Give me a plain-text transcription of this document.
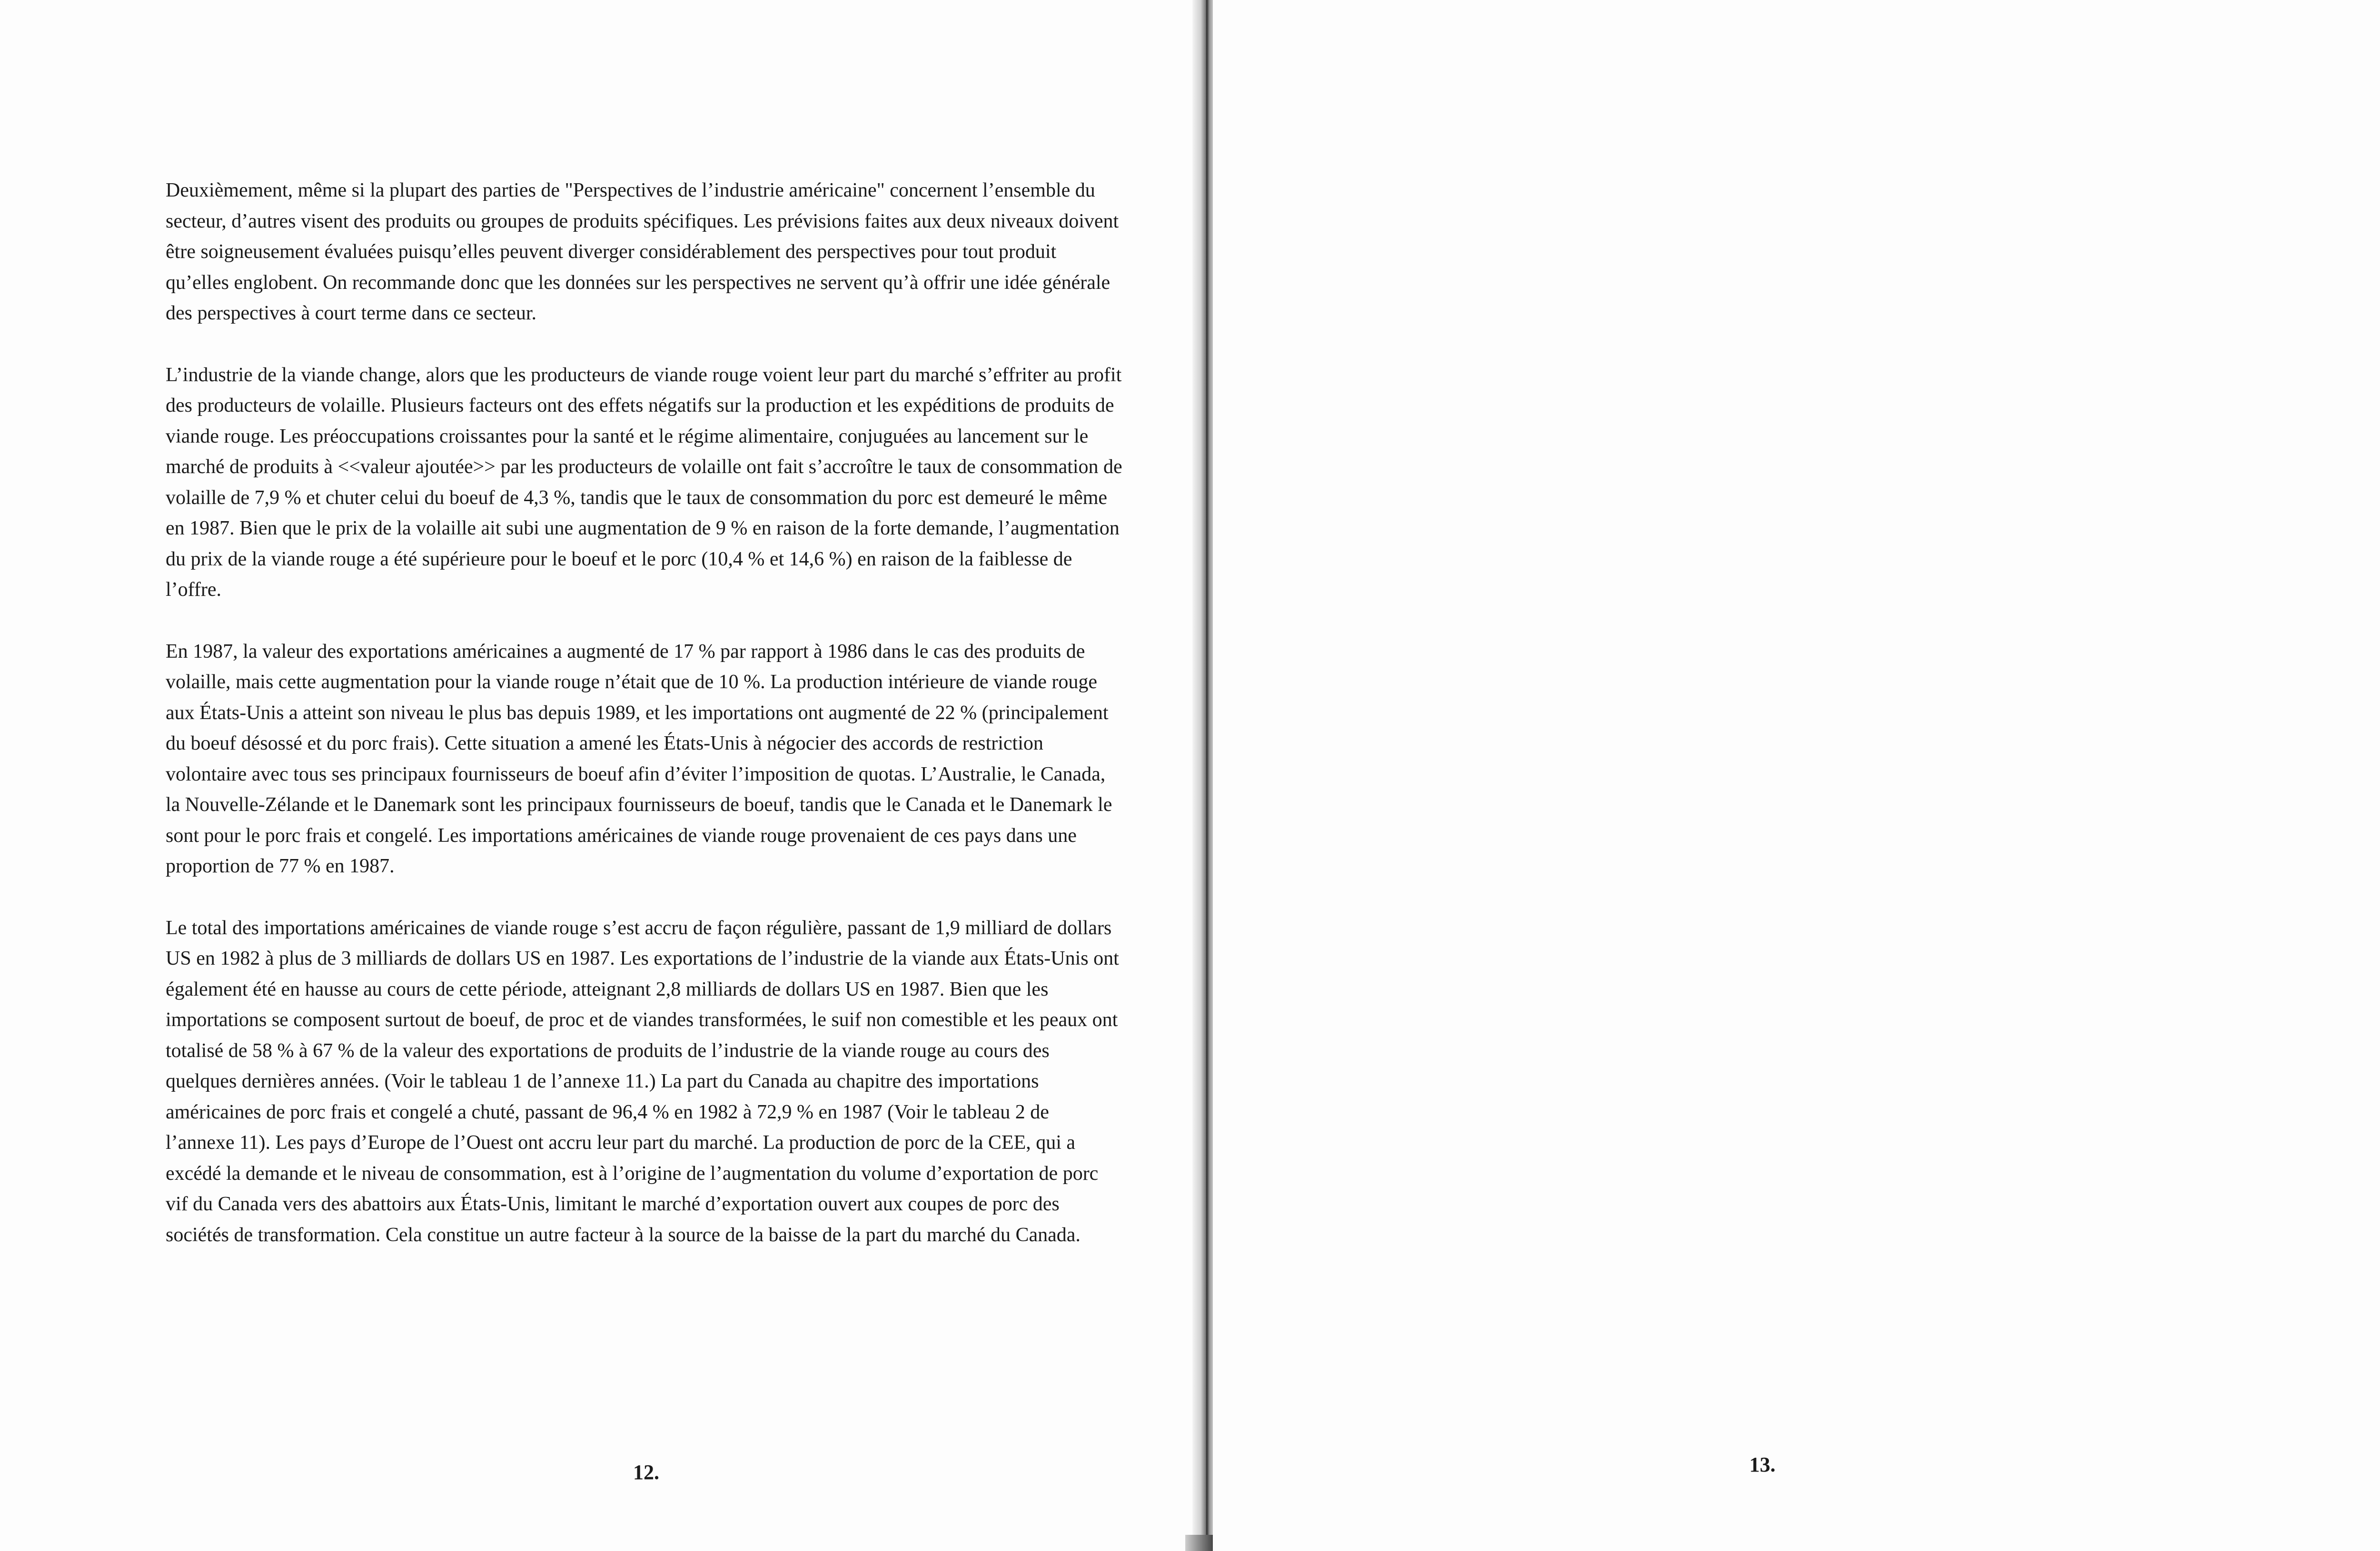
Deuxièmement, même si la plupart des parties de "Perspectives de l’industrie américaine" concernent l’ensemble du secteur, d’autres visent des produits ou groupes de produits spécifiques. Les prévisions faites aux deux niveaux doivent être soigneusement évaluées puisqu’elles peuvent diverger considérablement des perspectives pour tout produit qu’elles englobent. On recommande donc que les données sur les perspectives ne servent qu’à offrir une idée générale des perspectives à court terme dans ce secteur.

L’industrie de la viande change, alors que les producteurs de viande rouge voient leur part du marché s’effriter au profit des producteurs de volaille. Plusieurs facteurs ont des effets négatifs sur la production et les expéditions de produits de viande rouge. Les préoccupations croissantes pour la santé et le régime alimentaire, conjuguées au lancement sur le marché de produits à <<valeur ajoutée>> par les producteurs de volaille ont fait s’accroître le taux de consommation de volaille de 7,9 % et chuter celui du boeuf de 4,3 %, tandis que le taux de consommation du porc est demeuré le même en 1987. Bien que le prix de la volaille ait subi une augmentation de 9 % en raison de la forte demande, l’augmentation du prix de la viande rouge a été supérieure pour le boeuf et le porc (10,4 % et 14,6 %) en raison de la faiblesse de l’offre.

En 1987, la valeur des exportations américaines a augmenté de 17 % par rapport à 1986 dans le cas des produits de volaille, mais cette augmentation pour la viande rouge n’était que de 10 %. La production intérieure de viande rouge aux États-Unis a atteint son niveau le plus bas depuis 1989, et les importations ont augmenté de 22 % (principalement du boeuf désossé et du porc frais). Cette situation a amené les États-Unis à négocier des accords de restriction volontaire avec tous ses principaux fournisseurs de boeuf afin d’éviter l’imposition de quotas. L’Australie, le Canada, la Nouvelle-Zélande et le Danemark sont les principaux fournisseurs de boeuf, tandis que le Canada et le Danemark le sont pour le porc frais et congelé. Les importations américaines de viande rouge provenaient de ces pays dans une proportion de 77 % en 1987.

Le total des importations américaines de viande rouge s’est accru de façon régulière, passant de 1,9 milliard de dollars US en 1982 à plus de 3 milliards de dollars US en 1987. Les exportations de l’industrie de la viande aux États-Unis ont également été en hausse au cours de cette période, atteignant 2,8 milliards de dollars US en 1987. Bien que les importations se composent surtout de boeuf, de proc et de viandes transformées, le suif non comestible et les peaux ont totalisé de 58 % à 67 % de la valeur des exportations de produits de l’industrie de la viande rouge au cours des quelques dernières années. (Voir le tableau 1 de l’annexe 11.) La part du Canada au chapitre des importations américaines de porc frais et congelé a chuté, passant de 96,4 % en 1982 à 72,9 % en 1987 (Voir le tableau 2 de l’annexe 11). Les pays d’Europe de l’Ouest ont accru leur part du marché. La production de porc de la CEE, qui a excédé la demande et le niveau de consommation, est à l’origine de l’augmentation du volume d’exportation de porc vif du Canada vers des abattoirs aux États-Unis, limitant le marché d’exportation ouvert aux coupes de porc des sociétés de transformation. Cela constitue un autre facteur à la source de la baisse de la part du marché du Canada.

12.	13.
